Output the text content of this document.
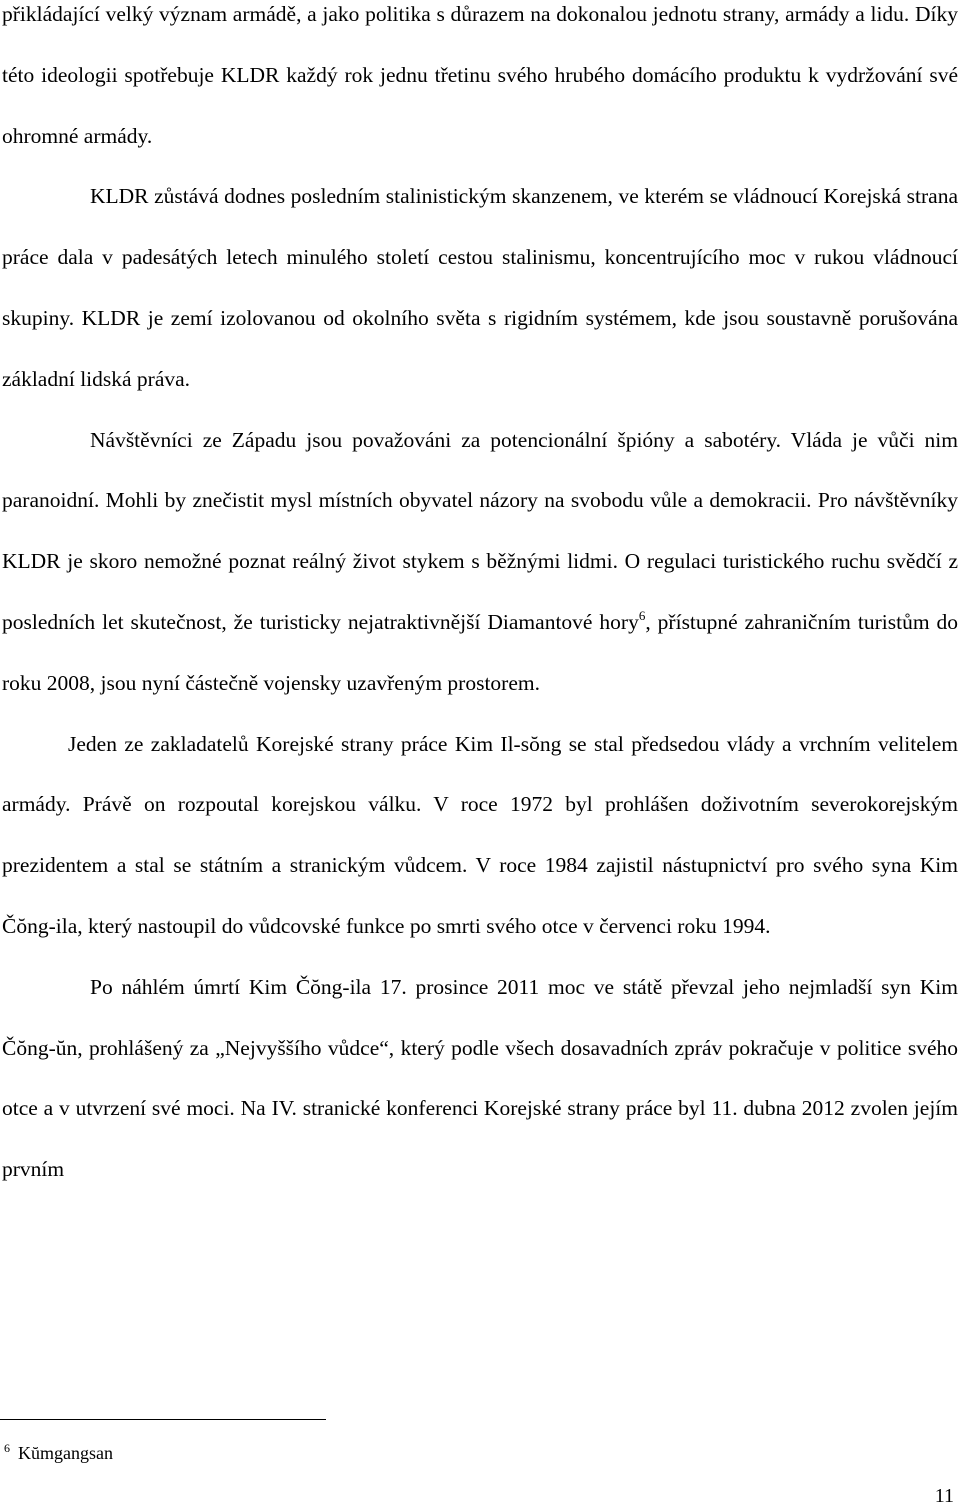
přikládající velký význam armádě, a jako politika s důrazem na dokonalou jednotu strany, armády a lidu. Díky této ideologii spotřebuje KLDR každý rok jednu třetinu svého hrubého domácího produktu k vydržování své ohromné armády.

KLDR zůstává dodnes posledním stalinistickým skanzenem, ve kterém se vládnoucí Korejská strana práce dala v padesátých letech minulého století cestou stalinismu, koncentrujícího moc v rukou vládnoucí skupiny. KLDR je zemí izolovanou od okolního světa s rigidním systémem, kde jsou soustavně porušována základní lidská práva.

Návštěvníci ze Západu jsou považováni za potencionální špióny a sabotéry. Vláda je vůči nim paranoidní. Mohli by znečistit mysl místních obyvatel názory na svobodu vůle a demokracii. Pro návštěvníky KLDR je skoro nemožné poznat reálný život stykem s běžnými lidmi. O regulaci turistického ruchu svědčí z posledních let skutečnost, že turisticky nejatraktivnější Diamantové hory$^6$, přístupné zahraničním turistům do roku 2008, jsou nyní částečně vojensky uzavřeným prostorem.

Jeden ze zakladatelů Korejské strany práce Kim Il-sŏng se stal předsedou vlády a vrchním velitelem armády. Právě on rozpoutal korejskou válku. V roce 1972 byl prohlášen doživotním severokorejským prezidentem a stal se státním a stranickým vůdcem. V roce 1984 zajistil nástupnictví pro svého syna Kim Čŏng-ila, který nastoupil do vůdcovské funkce po smrti svého otce v červenci roku 1994.

Po náhlém úmrtí Kim Čŏng-ila 17. prosince 2011 moc ve státě převzal jeho nejmladší syn Kim Čŏng-ŭn, prohlášený za „Nejvyššího vůdce“, který podle všech dosavadních zpráv pokračuje v politice svého otce a v utvrzení své moci. Na IV. stranické konferenci Korejské strany práce byl 11. dubna 2012 zvolen jejím prvním

$^6$ Kŭmgangsan
11
